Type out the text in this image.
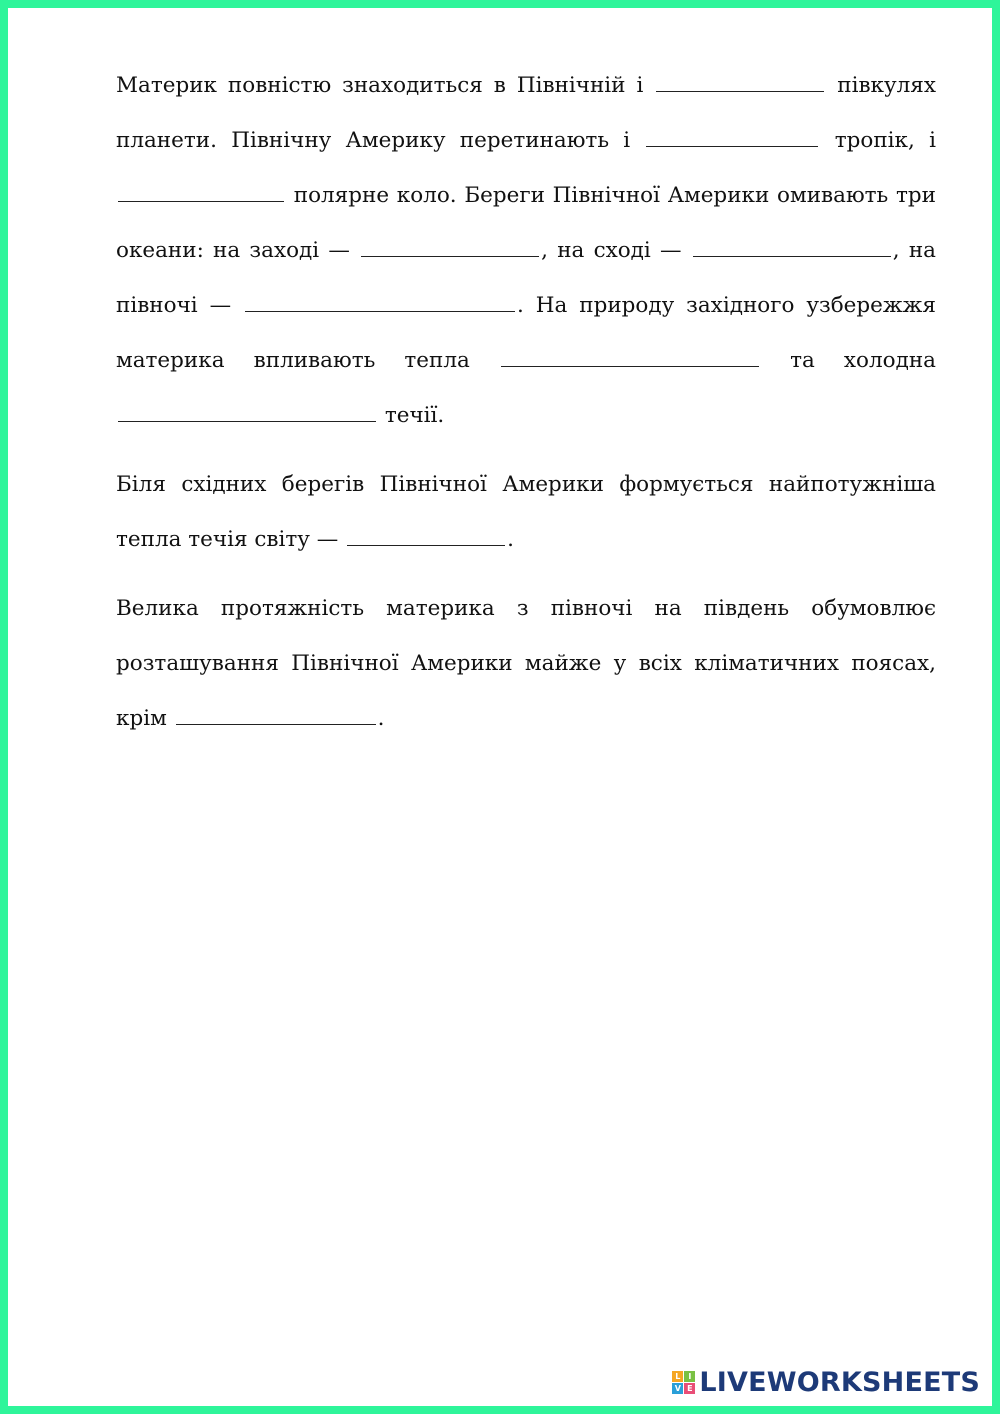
Материк повністю знаходиться в Північній і	півкулях планети. Північну Америку перетинають і	тропік, і  полярне коло. Береги Північної Америки омивають три океани: на заході —	, на сході —	, на півночі —	. На природу західного узбережжя материка впливають тепла	та холодна  течії.

Біля східних берегів Північної Америки формується найпотужніша тепла течія світу —	.

Велика протяжність материка з півночі на південь обумовлює розташування Північної Америки майже у всіх кліматичних поясах, крім	.

L I
V E LIVEWORKSHEETS
